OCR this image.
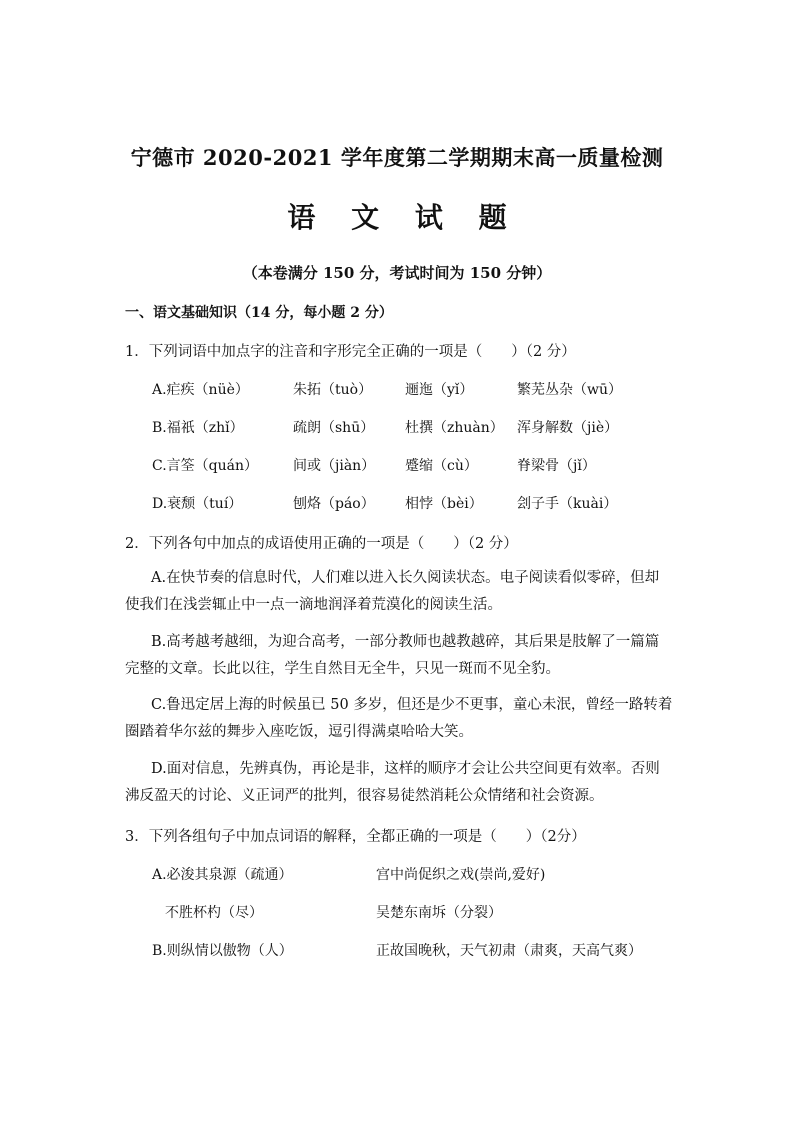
宁德市 2020-2021 学年度第二学期期末高一质量检测
语 文 试 题
（本卷满分 150 分，考试时间为 150 分钟）
一、语文基础知识（14 分，每小题 2 分）
1．下列词语中加点字的注音和字形完全正确的一项是（　　）（2 分）
A.疟疾（nüè）	朱拓（tuò） 逦迤（yǐ）	繁芜丛杂（wū）
B.福祇（zhǐ）	疏朗（shū） 杜撰（zhuàn） 浑身解数（jiè）
C.言筌（quán） 间或（jiàn） 蹙缩（cù）	脊梁骨（jǐ）
D.衰颓（tuí）	刨烙（páo） 相悖（bèi） 刽子手（kuài）
2．下列各句中加点的成语使用正确的一项是（　　）（2 分）
A.在快节奏的信息时代，人们难以进入长久阅读状态。电子阅读看似零碎，但却使我们在浅尝辄止中一点一滴地润泽着荒漠化的阅读生活。
B.高考越考越细，为迎合高考，一部分教师也越教越碎，其后果是肢解了一篇篇完整的文章。长此以往，学生自然目无全牛，只见一斑而不见全豹。
C.鲁迅定居上海的时候虽已 50 多岁，但还是少不更事，童心未泯，曾经一路转着圈踏着华尔兹的舞步入座吃饭，逗引得满桌哈哈大笑。
D.面对信息，先辨真伪，再论是非，这样的顺序才会让公共空间更有效率。否则沸反盈天的讨论、义正词严的批判，很容易徒然消耗公众情绪和社会资源。
3．下列各组句子中加点词语的解释，全都正确的一项是（　　）（2分）
A.必浚其泉源（疏通）	宫中尚促织之戏(崇尚,爱好)
不胜杯杓（尽）	吴楚东南坼（分裂）
B.则纵情以傲物（人）	正故国晚秋，天气初肃（肃爽，天高气爽）
